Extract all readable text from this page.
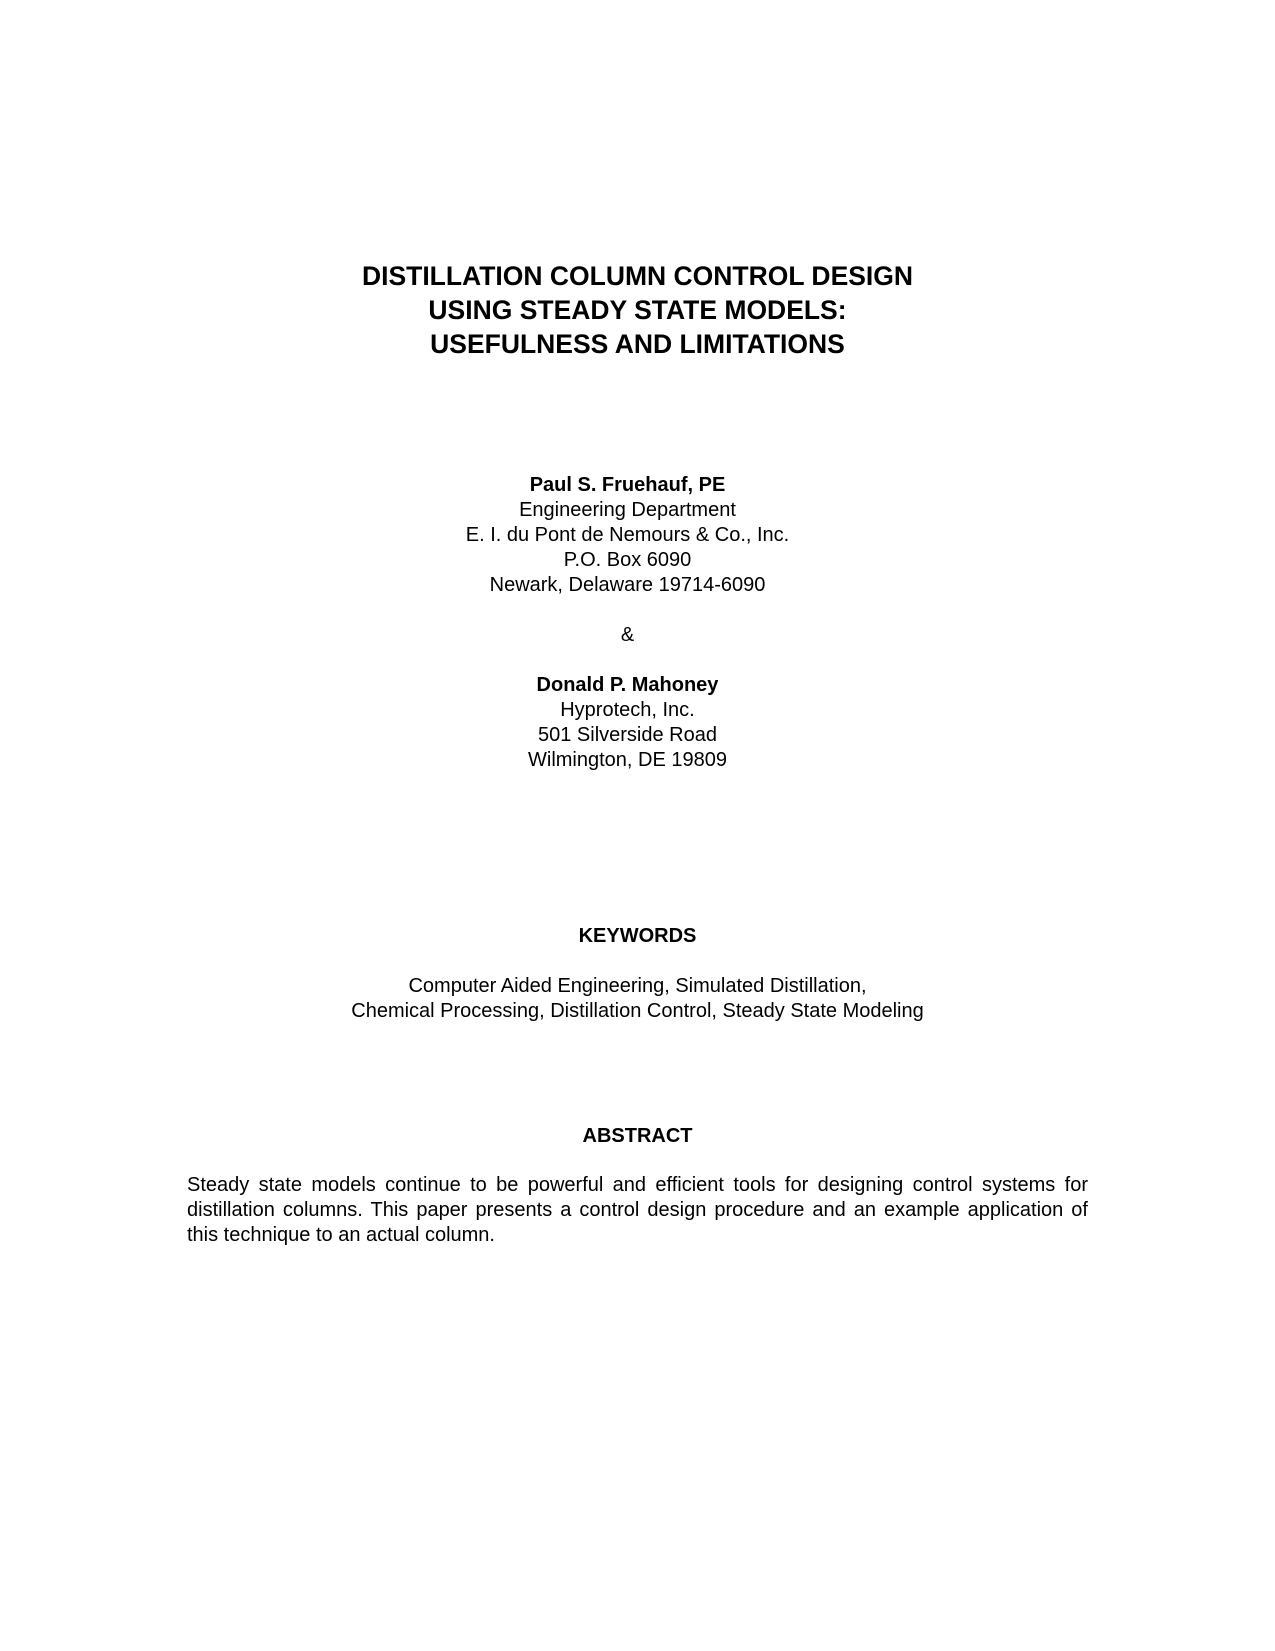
DISTILLATION COLUMN CONTROL DESIGN
USING STEADY STATE MODELS:
USEFULNESS AND LIMITATIONS
Paul S. Fruehauf, PE
Engineering Department
E. I. du Pont de Nemours & Co., Inc.
P.O. Box 6090
Newark, Delaware 19714-6090
&
Donald P. Mahoney
Hyprotech, Inc.
501 Silverside Road
Wilmington, DE 19809
KEYWORDS
Computer Aided Engineering, Simulated Distillation,
Chemical Processing, Distillation Control, Steady State Modeling
ABSTRACT
Steady state models continue to be powerful and efficient tools for designing control systems for distillation columns. This paper presents a control design procedure and an example application of this technique to an actual column.
